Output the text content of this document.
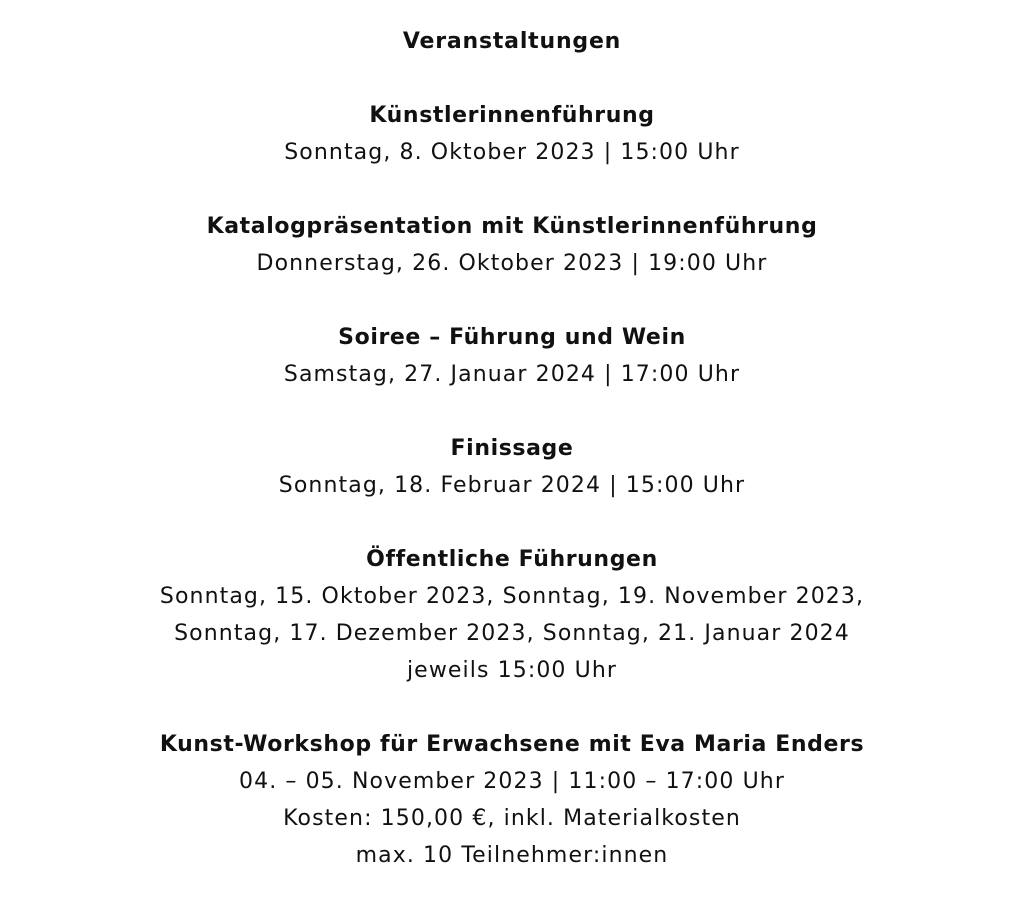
Veranstaltungen
Künstlerinnenführung
Sonntag, 8. Oktober 2023 | 15:00 Uhr
Katalogpräsentation mit Künstlerinnenführung
Donnerstag, 26. Oktober 2023 | 19:00 Uhr
Soiree – Führung und Wein
Samstag, 27. Januar 2024 | 17:00 Uhr
Finissage
Sonntag, 18. Februar 2024 | 15:00 Uhr
Öffentliche Führungen
Sonntag, 15. Oktober 2023, Sonntag, 19. November 2023,
Sonntag, 17. Dezember 2023, Sonntag, 21. Januar 2024
jeweils 15:00 Uhr
Kunst-Workshop für Erwachsene mit Eva Maria Enders
04. – 05. November 2023 | 11:00 – 17:00 Uhr
Kosten: 150,00 €, inkl. Materialkosten
max. 10 Teilnehmer:innen
